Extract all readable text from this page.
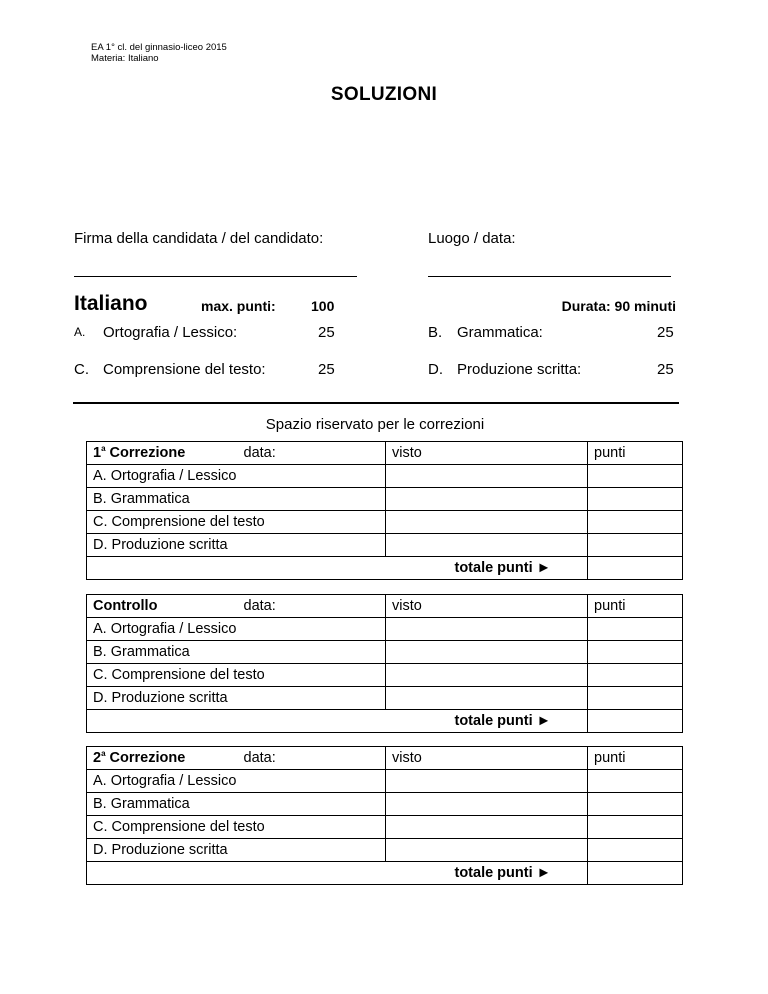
EA 1° cl. del ginnasio-liceo 2015
Materia: Italiano
SOLUZIONI
Firma della candidata / del candidato:	Luogo / data:
Italiano	max. punti:	100	Durata: 90 minuti
A. Ortografia / Lessico:	25	B. Grammatica:	25
C. Comprensione del testo:	25	D. Produzione scritta:	25
Spazio riservato per le correzioni
1$^a$ Correzione	data:	visto	punti
A. Ortografia / Lessico			
B. Grammatica			
C. Comprensione del testo			
D. Produzione scritta			
totale punti ►			
Controllo	data:	visto	punti
A. Ortografia / Lessico			
B. Grammatica			
C. Comprensione del testo			
D. Produzione scritta			
totale punti ►			
2$^a$ Correzione	data:	visto	punti
A. Ortografia / Lessico			
B. Grammatica			
C. Comprensione del testo			
D. Produzione scritta			
totale punti ►			
